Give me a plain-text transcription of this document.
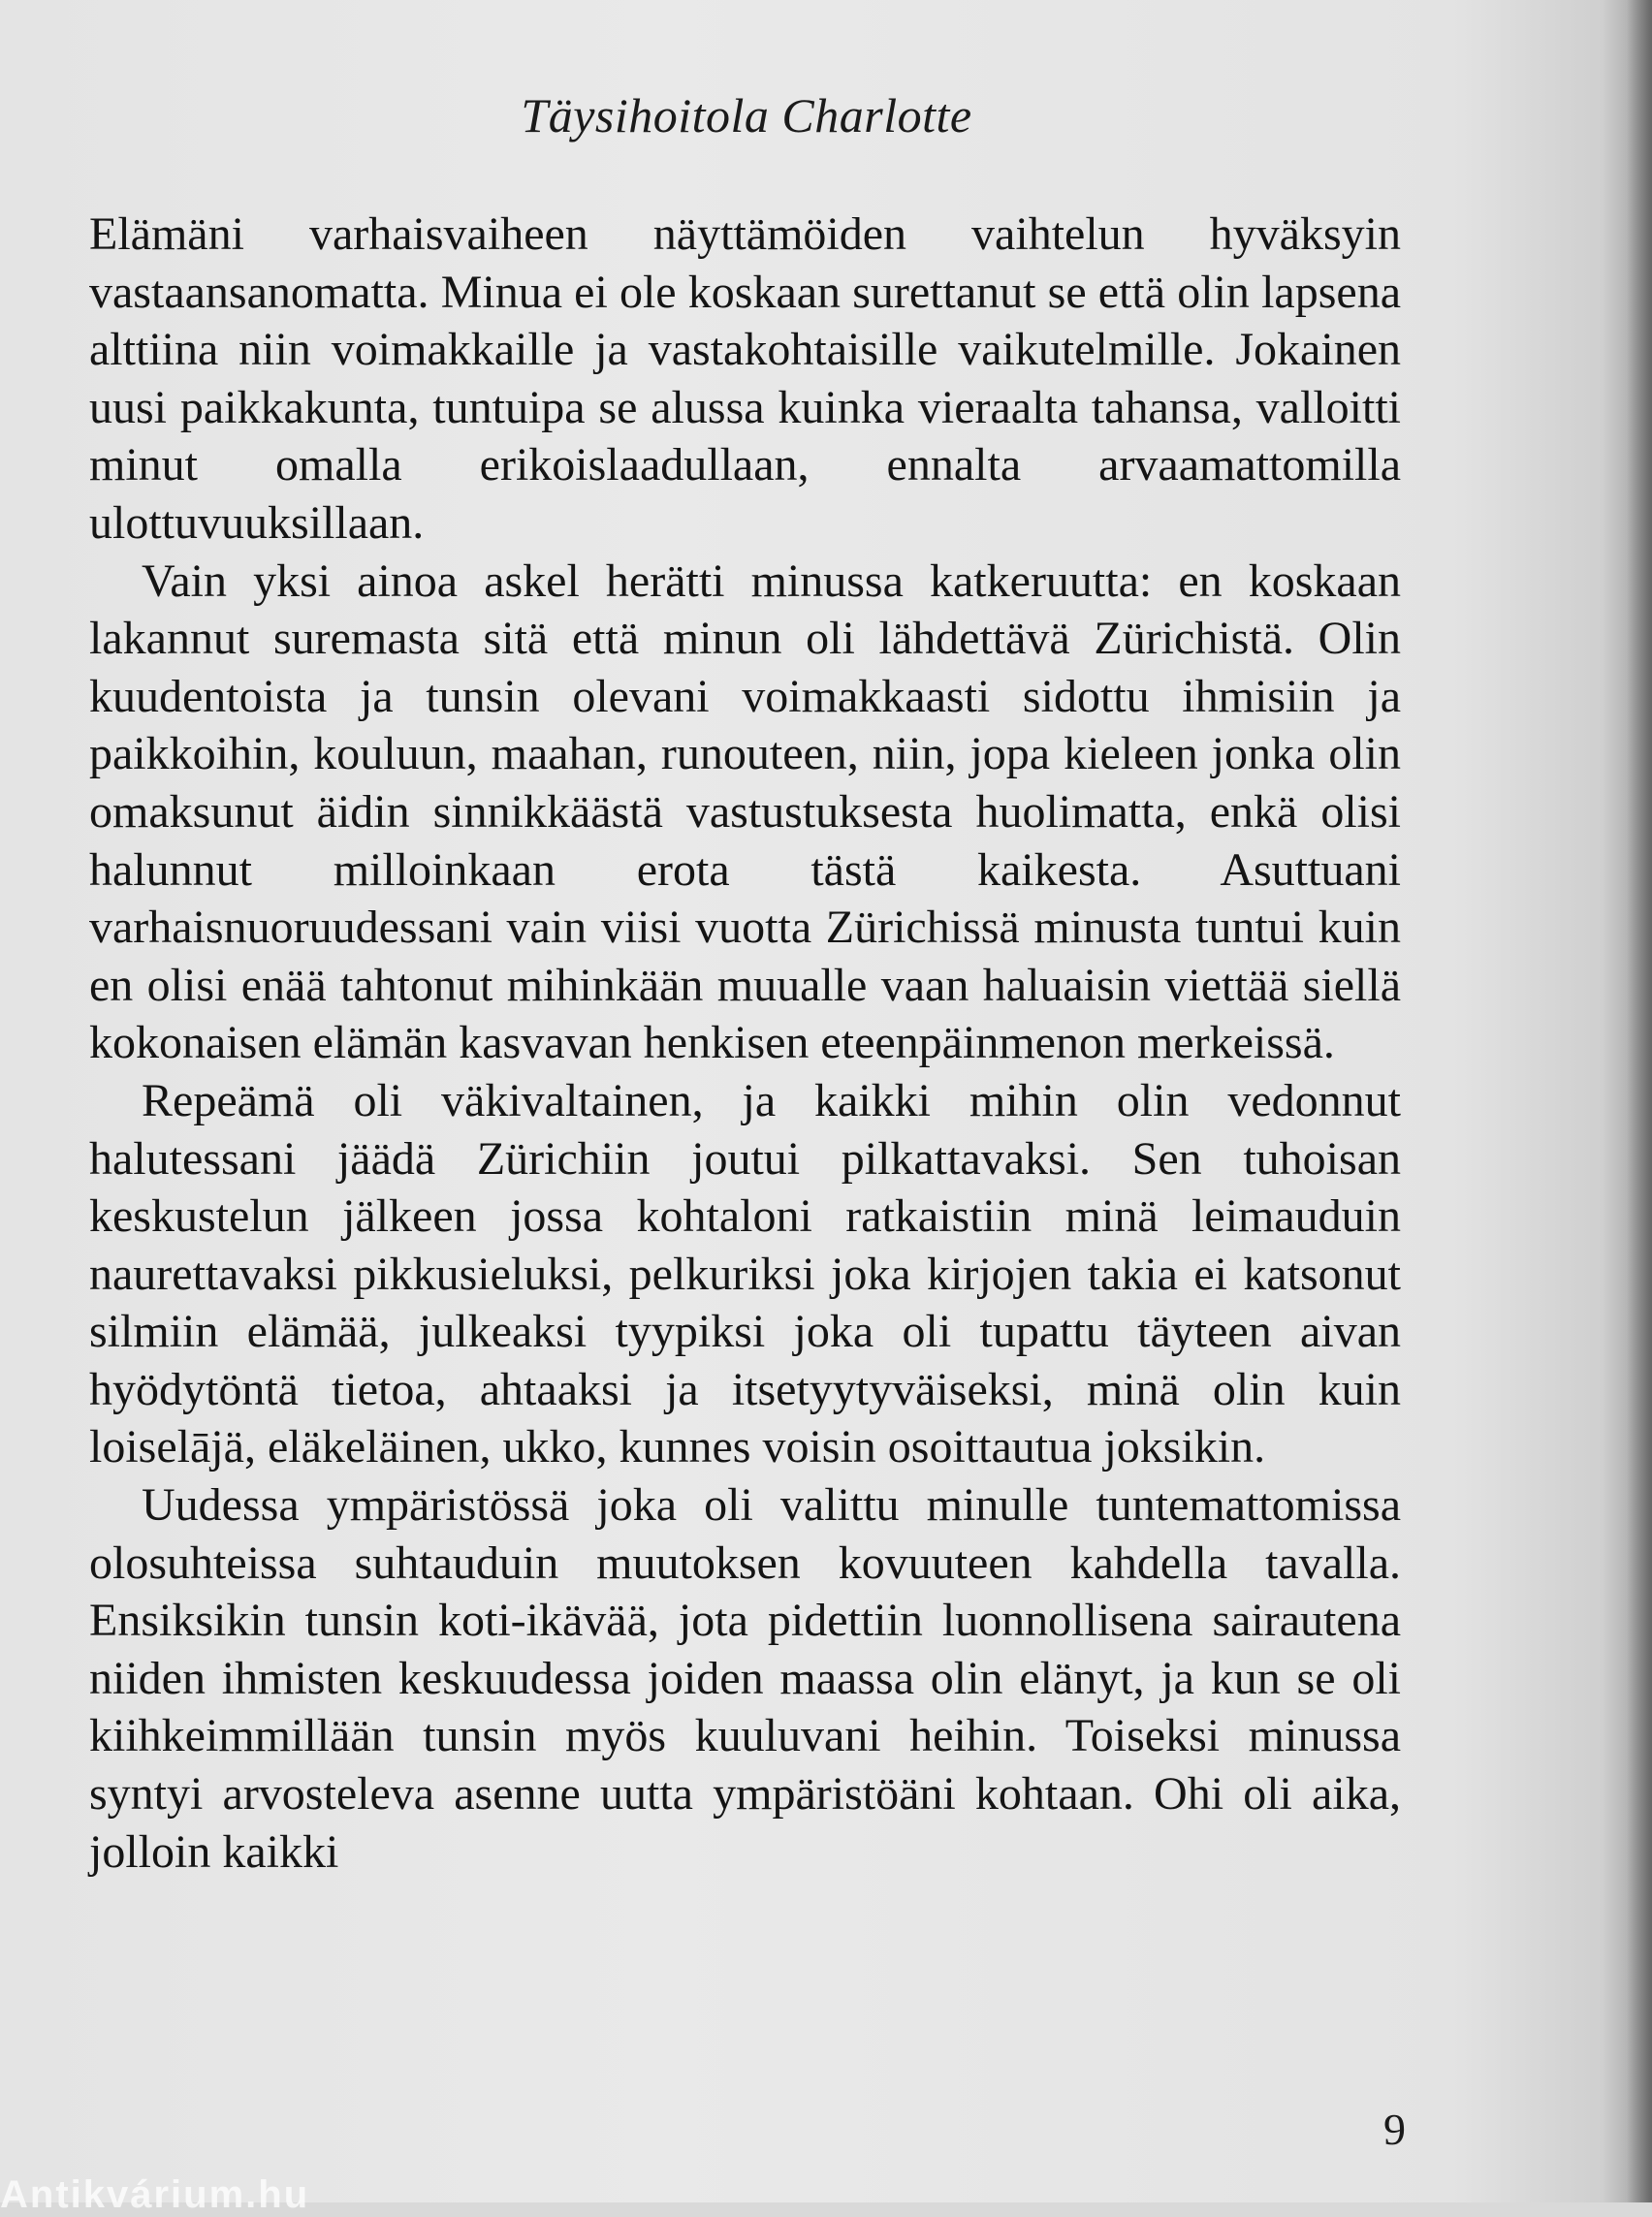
Täysihoitola Charlotte

Elämäni varhaisvaiheen näyttämöiden vaihtelun hyväksyin vastaansanomatta. Minua ei ole koskaan surettanut se että olin lapsena alttiina niin voimakkaille ja vastakohtaisille vaikutelmille. Jokainen uusi paikkakunta, tuntuipa se alussa kuinka vieraalta tahansa, valloitti minut omalla erikoislaadullaan, ennalta arvaamattomilla ulottuvuuksillaan.

Vain yksi ainoa askel herätti minussa katkeruutta: en koskaan lakannut suremasta sitä että minun oli lähdettävä Zürichistä. Olin kuudentoista ja tunsin olevani voimakkaasti sidottu ihmisiin ja paikkoihin, kouluun, maahan, runouteen, niin, jopa kieleen jonka olin omaksunut äidin sinnikkäästä vastustuksesta huolimatta, enkä olisi halunnut milloinkaan erota tästä kaikesta. Asuttuani varhaisnuoruudessani vain viisi vuotta Zürichissä minusta tuntui kuin en olisi enää tahtonut mihinkään muualle vaan haluaisin viettää siellä kokonaisen elämän kasvavan henkisen eteenpäinmenon merkeissä.

Repeämä oli väkivaltainen, ja kaikki mihin olin vedonnut halutessani jäädä Zürichiin joutui pilkattavaksi. Sen tuhoisan keskustelun jälkeen jossa kohtaloni ratkaistiin minä leimauduin naurettavaksi pikkusieluksi, pelkuriksi joka kirjojen takia ei katsonut silmiin elämää, julkeaksi tyypiksi joka oli tupattu täyteen aivan hyödytöntä tietoa, ahtaaksi ja itsetyytyväiseksi, minä olin kuin loiselājä, eläkeläinen, ukko, kunnes voisin osoittautua joksikin.

Uudessa ympäristössä joka oli valittu minulle tuntemattomissa olosuhteissa suhtauduin muutoksen kovuuteen kahdella tavalla. Ensiksikin tunsin koti-ikävää, jota pidettiin luonnollisena sairautena niiden ihmisten keskuudessa joiden maassa olin elänyt, ja kun se oli kiihkeimmillään tunsin myös kuuluvani heihin. Toiseksi minussa syntyi arvosteleva asenne uutta ympäristöäni kohtaan. Ohi oli aika, jolloin kaikki

9
Antikvárium.hu
